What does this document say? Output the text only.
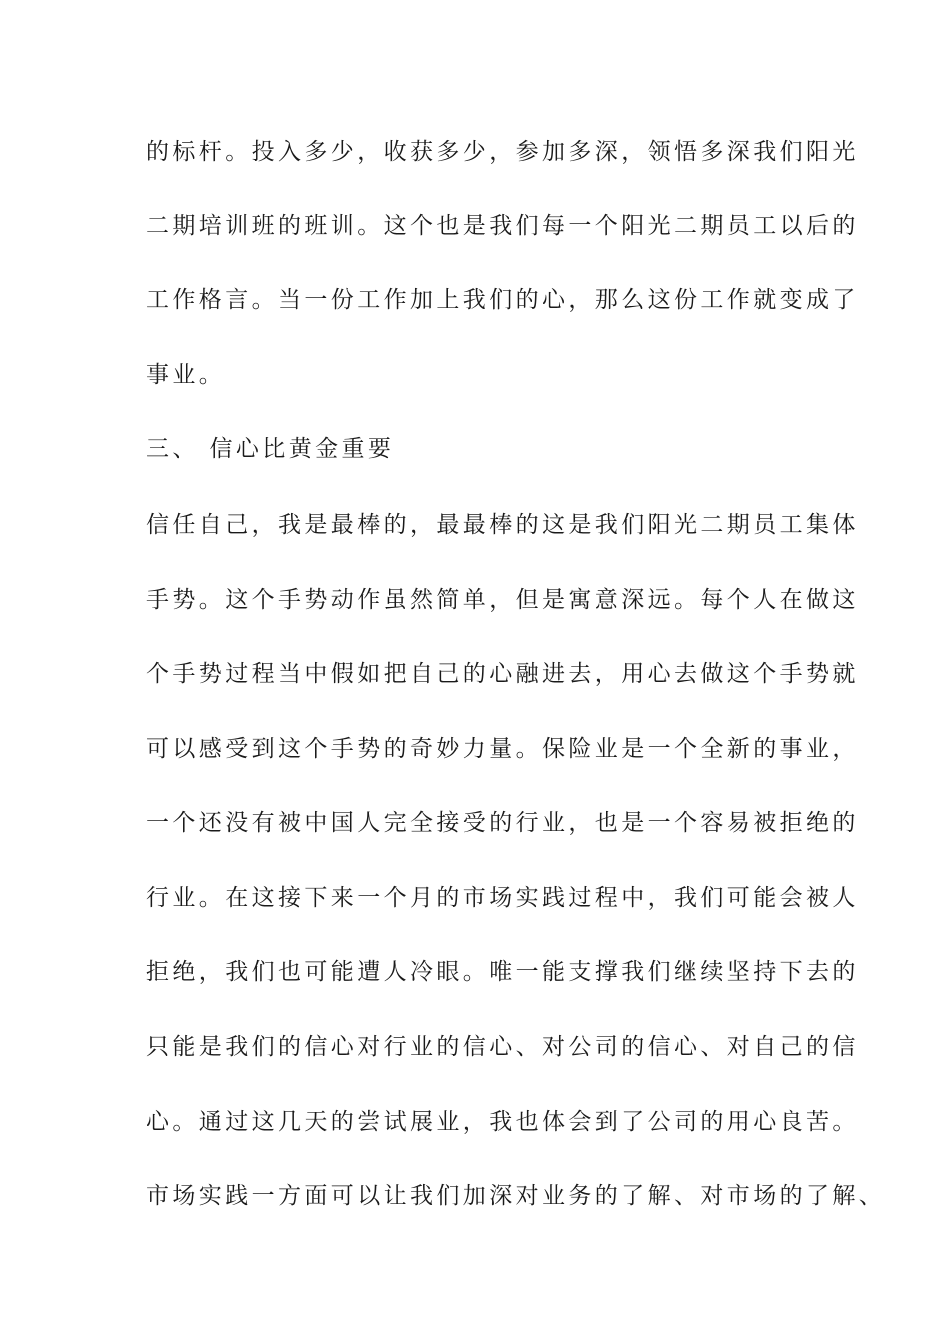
的标杆。投入多少，收获多少，参加多深，领悟多深我们阳光
二期培训班的班训。这个也是我们每一个阳光二期员工以后的
工作格言。当一份工作加上我们的心，那么这份工作就变成了
事业。
三、 信心比黄金重要
信任自己，我是最棒的，最最棒的这是我们阳光二期员工集体
手势。这个手势动作虽然简单，但是寓意深远。每个人在做这
个手势过程当中假如把自己的心融进去，用心去做这个手势就
可以感受到这个手势的奇妙力量。保险业是一个全新的事业，
一个还没有被中国人完全接受的行业，也是一个容易被拒绝的
行业。在这接下来一个月的市场实践过程中，我们可能会被人
拒绝，我们也可能遭人冷眼。唯一能支撑我们继续坚持下去的
只能是我们的信心对行业的信心、对公司的信心、对自己的信
心。通过这几天的尝试展业，我也体会到了公司的用心良苦。
市场实践一方面可以让我们加深对业务的了解、对市场的了解、
